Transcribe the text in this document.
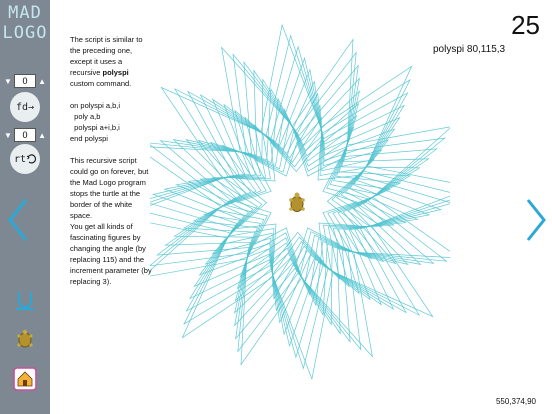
MAD
LOGO
▼	0	▲
fd→
▼	0	▲
rt

The script is similar to the preceding one, except it uses a recursive polyspi custom command.

on polyspi a,b,i
poly a,b
polyspi a+i,b,i
end polyspi

This recursive script could go on forever, but the Mad Logo program stops the turtle at the border of the white space.

You get all kinds of fascinating figures by changing the angle (by replacing 115) and the increment parameter (by replacing 3).

25
polyspi 80,115,3
550,374,90
